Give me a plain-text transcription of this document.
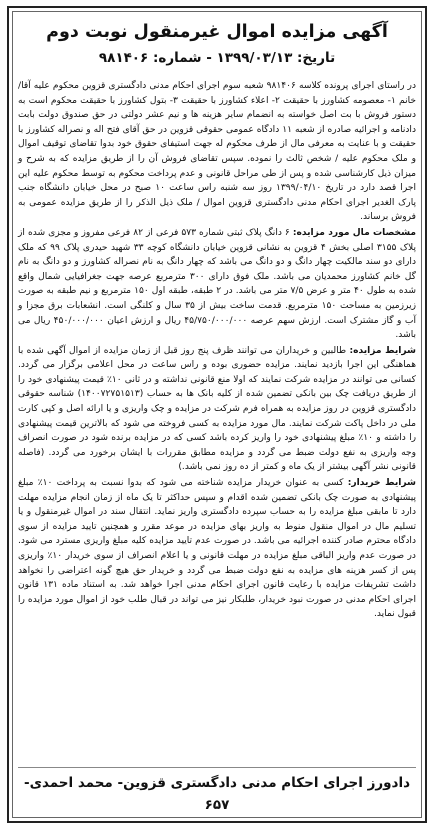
آگهی مزایده اموال غیرمنقول نوبت دوم
تاریخ: ۱۳۹۹/۰۳/۱۳ - شماره: ۹۸۱۴۰۶

در راستای اجرای پرونده کلاسه ۹۸۱۴۰۶ شعبه سوم اجرای احکام مدنی دادگستری قزوین محکوم علیه آقا/ خانم ۱- معصومه کشاورز با حقیقت ۲- اعلاء کشاورز با حقیقت ۳- بتول کشاورز با حقیقت محکوم است به دستور فروش با بت اصل خواسته به انضمام سایر هزینه ها و نیم عشر دولتی در حق صندوق دولت بابت دادنامه و اجرائیه صادره از شعبه ۱۱ دادگاه عمومی حقوقی قزوین در حق آقای فتح اله و نصراله کشاورز با حقیقت و با عنایت به معرفی مال از طرف محکوم له جهت استیفای حقوق خود بدوا تقاضای توقیف اموال و ملک محکوم علیه / شخص ثالث را نموده. سپس تقاضای فروش آن را از طریق مزایده که به شرح و میزان ذیل کارشناسی شده و پس از طی مراحل قانونی و عدم پرداخت محکوم به توسط محکوم علیه این اجرا قصد دارد در تاریخ ۱۳۹۹/۰۴/۱۰ روز سه شنبه راس ساعت ۱۰ صبح در محل خیابان دانشگاه جنب پارک الغدیر اجرای احکام مدنی دادگستری قزوین اموال / ملک ذیل الذکر را از طریق مزایده عمومی به فروش برساند.

مشخصات مال مورد مزایده: ۶ دانگ پلاک ثبتی شماره ۵۷۳ فرعی از ۸۲ فرعی مفروز و مجزی شده از پلاک ۳۱۵۵ اصلی بخش ۴ قزوین به نشانی قزوین خیابان دانشگاه کوچه ۳۳ شهید حیدری پلاک ۹۹ که ملک دارای دو سند مالکیت چهار دانگ و دو دانگ می باشد که چهار دانگ به نام نصراله کشاورز و دو دانگ به نام گل خانم کشاورز محمدیان می باشد. ملک فوق دارای ۳۰۰ مترمربع عرصه جهت جغرافیایی شمال واقع شده به طول ۴۰ متر و عرض ۷/۵ متر می باشد. در ۲ طبقه، طبقه اول ۱۵۰ مترمربع و نیم طبقه به صورت زیرزمین به مساحت ۱۵۰ مترمربع. قدمت ساخت بیش از ۳۵ سال و کلنگی است. انشعابات برق مجزا و آب و گاز مشترک است. ارزش سهم عرصه ۴۵/۷۵۰/۰۰۰/۰۰۰ ریال و ارزش اعیان ۴۵۰/۰۰۰/۰۰۰ ریال می باشد.

شرایط مزایده: طالبین و خریداران می توانند ظرف پنج روز قبل از زمان مزایده از اموال آگهی شده با هماهنگی این اجرا بازدید نمایند. مزایده حضوری بوده و راس ساعت در محل اعلامی برگزار می گردد. کسانی می توانند در مزایده شرکت نمایند که اولا منع قانونی نداشته و در ثانی ۱۰٪ قیمت پیشنهادی خود را از طریق دریافت چک بین بانکی تضمین شده از کلیه بانک ها به حساب (۱۴۰۰۷۲۷۵۱۵۱۳) شناسه حقوقی دادگستری قزوین در روز مزایده به همراه فرم شرکت در مزایده و چک واریزی و یا ارائه اصل و کپی کارت ملی در داخل پاکت شرکت نمایند. مال مورد مزایده به کسی فروخته می شود که بالاترین قیمت پیشنهادی را داشته و ۱۰٪ مبلغ پیشنهادی خود را واریز کرده باشد کسی که در مزایده برنده شود در صورت انصراف وجه واریزی به نفع دولت ضبط می گردد و مزایده مطابق مقررات با ایشان برخورد می گردد. (فاصله قانونی نشر آگهی بیشتر از یک ماه و کمتر از ده روز نمی باشد.)

شرایط خریدار: کسی به عنوان خریدار مزایده شناخته می شود که بدوا نسبت به پرداخت ۱۰٪ مبلغ پیشنهادی به صورت چک بانکی تضمین شده اقدام و سپس حداکثر تا یک ماه از زمان انجام مزایده مهلت دارد تا مابقی مبلغ مزایده را به حساب سپرده دادگستری واریز نماید. انتقال سند در اموال غیرمنقول و یا تسلیم مال در اموال منقول منوط به واریز بهای مزایده در موعد مقرر و همچنین تایید مزایده از سوی دادگاه محترم صادر کننده اجرائیه می باشد. در صورت عدم تایید مزایده کلیه مبلغ واریزی مسترد می شود. در صورت عدم واریز الباقی مبلغ مزایده در مهلت قانونی و یا اعلام انصراف از سوی خریدار ۱۰٪ واریزی پس از کسر هزینه های مزایده به نفع دولت ضبط می گردد و خریدار حق هیچ گونه اعتراضی را نخواهد داشت تشریفات مزایده با رعایت قانون اجرای احکام مدنی اجرا خواهد شد. به استناد ماده ۱۳۱ قانون اجرای احکام مدنی در صورت نبود خریدار، طلبکار نیز می تواند در قبال طلب خود از اموال مورد مزایده را قبول نماید.

دادورز اجرای احکام مدنی دادگستری قزوین- محمد احمدی- ۶۵۷
